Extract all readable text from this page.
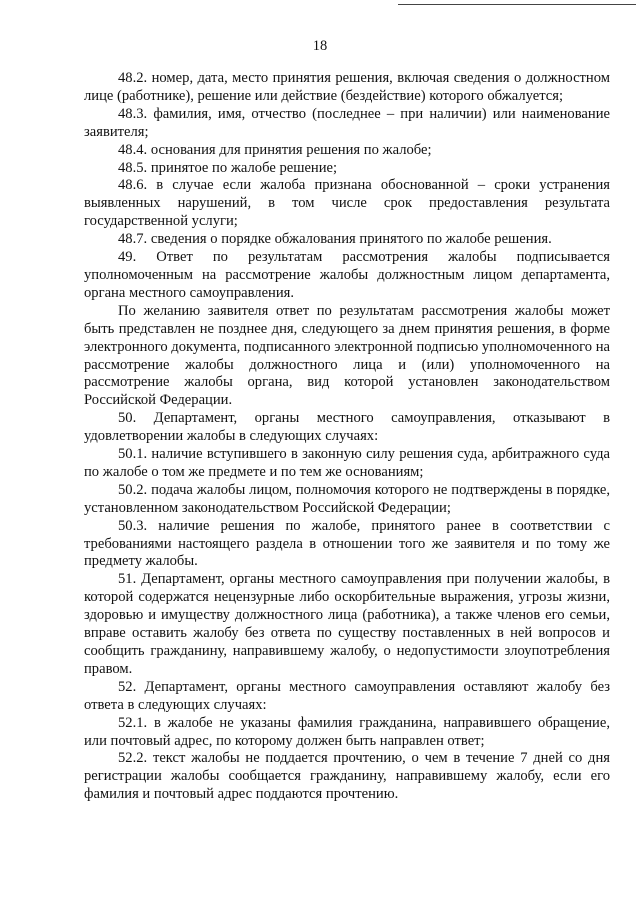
18

48.2. номер, дата, место принятия решения, включая сведения о должностном лице (работнике), решение или действие (бездействие) которого обжалуется;

48.3. фамилия, имя, отчество (последнее – при наличии) или наименование заявителя;

48.4. основания для принятия решения по жалобе;

48.5. принятое по жалобе решение;

48.6. в случае если жалоба признана обоснованной – сроки устранения выявленных нарушений, в том числе срок предоставления результата государственной услуги;

48.7. сведения о порядке обжалования принятого по жалобе решения.

49. Ответ по результатам рассмотрения жалобы подписывается уполномоченным на рассмотрение жалобы должностным лицом департамента, органа местного самоуправления.

По желанию заявителя ответ по результатам рассмотрения жалобы может быть представлен не позднее дня, следующего за днем принятия решения, в форме электронного документа, подписанного электронной подписью уполномоченного на рассмотрение жалобы должностного лица и (или) уполномоченного на рассмотрение жалобы органа, вид которой установлен законодательством Российской Федерации.

50. Департамент, органы местного самоуправления, отказывают в удовлетворении жалобы в следующих случаях:

50.1. наличие вступившего в законную силу решения суда, арбитражного суда по жалобе о том же предмете и по тем же основаниям;

50.2. подача жалобы лицом, полномочия которого не подтверждены в порядке, установленном законодательством Российской Федерации;

50.3. наличие решения по жалобе, принятого ранее в соответствии с требованиями настоящего раздела в отношении того же заявителя и по тому же предмету жалобы.

51. Департамент, органы местного самоуправления при получении жалобы, в которой содержатся нецензурные либо оскорбительные выражения, угрозы жизни, здоровью и имуществу должностного лица (работника), а также членов его семьи, вправе оставить жалобу без ответа по существу поставленных в ней вопросов и сообщить гражданину, направившему жалобу, о недопустимости злоупотребления правом.

52. Департамент, органы местного самоуправления оставляют жалобу без ответа в следующих случаях:

52.1. в жалобе не указаны фамилия гражданина, направившего обращение, или почтовый адрес, по которому должен быть направлен ответ;

52.2. текст жалобы не поддается прочтению, о чем в течение 7 дней со дня регистрации жалобы сообщается гражданину, направившему жалобу, если его фамилия и почтовый адрес поддаются прочтению.
